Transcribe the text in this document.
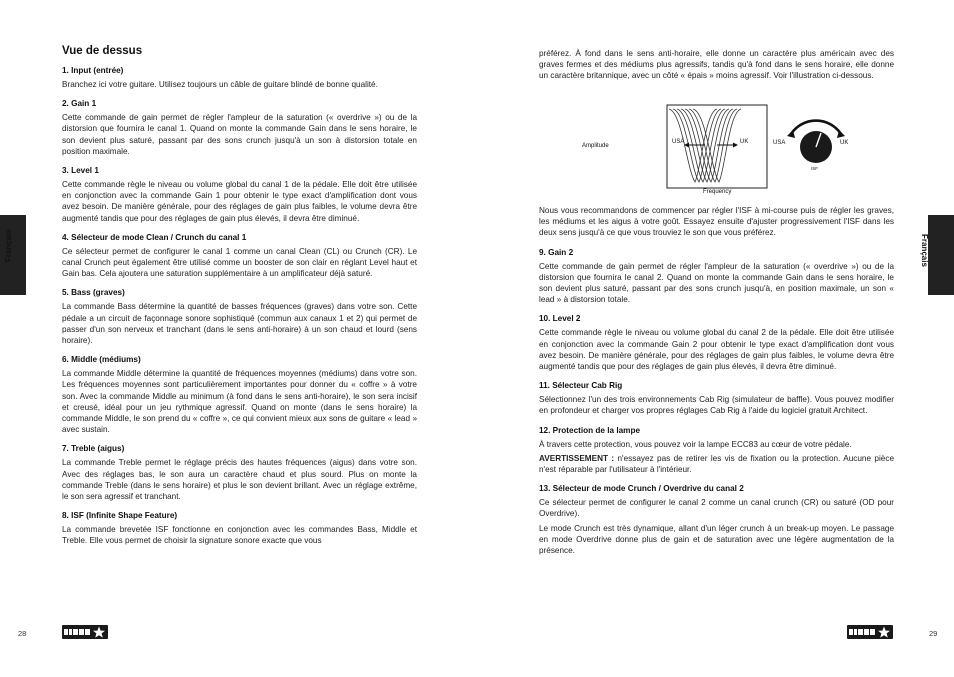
Français
Vue de dessus
1. Input (entrée)

Branchez ici votre guitare. Utilisez toujours un câble de guitare blindé de bonne qualité.

2. Gain 1

Cette commande de gain permet de régler l'ampleur de la saturation (« overdrive ») ou de la distorsion que fournira le canal 1. Quand on monte la commande Gain dans le sens horaire, le son devient plus saturé, passant par des sons crunch jusqu'à un son à distorsion totale en position maximale.

3. Level 1

Cette commande règle le niveau ou volume global du canal 1 de la pédale. Elle doit être utilisée en conjonction avec la commande Gain 1 pour obtenir le type exact d'amplification dont vous avez besoin. De manière générale, pour des réglages de gain plus faibles, le volume devra être augmenté tandis que pour des réglages de gain plus élevés, il devra être diminué.

4. Sélecteur de mode Clean / Crunch du canal 1

Ce sélecteur permet de configurer le canal 1 comme un canal Clean (CL) ou Crunch (CR). Le canal Crunch peut également être utilisé comme un booster de son clair en réglant Level haut et Gain bas. Cela ajoutera une saturation supplémentaire à un amplificateur déjà saturé.

5. Bass (graves)

La commande Bass détermine la quantité de basses fréquences (graves) dans votre son. Cette pédale a un circuit de façonnage sonore sophistiqué (commun aux canaux 1 et 2) qui permet de passer d'un son nerveux et tranchant (dans le sens anti-horaire) à un son chaud et lourd (sens horaire).

6. Middle (médiums)

La commande Middle détermine la quantité de fréquences moyennes (médiums) dans votre son. Les fréquences moyennes sont particulièrement importantes pour donner du « coffre » à votre son. Avec la commande Middle au minimum (à fond dans le sens anti-horaire), le son sera incisif et creusé, idéal pour un jeu rythmique agressif. Quand on monte (dans le sens horaire) la commande Middle, le son prend du « coffre », ce qui convient mieux aux sons de guitare « lead » avec sustain.

7. Treble (aigus)

La commande Treble permet le réglage précis des hautes fréquences (aigus) dans votre son. Avec des réglages bas, le son aura un caractère chaud et plus sourd. Plus on monte la commande Treble (dans le sens horaire) et plus le son devient brillant. Avec un réglage extrême, le son sera agressif et tranchant.

8. ISF (Infinite Shape Feature)

La commande brevetée ISF fonctionne en conjonction avec les commandes Bass, Middle et Treble. Elle vous permet de choisir la signature sonore exacte que vous

28

préférez. À fond dans le sens anti-horaire, elle donne un caractère plus américain avec des graves fermes et des médiums plus agressifs, tandis qu'à fond dans le sens horaire, elle donne un caractère britannique, avec un côté « épais » moins agressif. Voir l'illustration ci-dessous.

USA	UK
Amplitude
Frequency
USA	UK
ISF

Nous vous recommandons de commencer par régler l'ISF à mi-course puis de régler les graves, les médiums et les aigus à votre goût. Essayez ensuite d'ajuster progressivement l'ISF dans les deux sens jusqu'à ce que vous trouviez le son que vous préférez.

9. Gain 2

Cette commande de gain permet de régler l'ampleur de la saturation (« overdrive ») ou de la distorsion que fournira le canal 2. Quand on monte la commande Gain dans le sens horaire, le son devient plus saturé, passant par des sons crunch jusqu'à, en position maximale, un son « lead » à distorsion totale.

10. Level 2

Cette commande règle le niveau ou volume global du canal 2 de la pédale. Elle doit être utilisée en conjonction avec la commande Gain 2 pour obtenir le type exact d'amplification dont vous avez besoin. De manière générale, pour des réglages de gain plus faibles, le volume devra être augmenté tandis que pour des réglages de gain plus élevés, il devra être diminué.

11. Sélecteur Cab Rig

Sélectionnez l'un des trois environnements Cab Rig (simulateur de baffle). Vous pouvez modifier en profondeur et charger vos propres réglages Cab Rig à l'aide du logiciel gratuit Architect.

12. Protection de la lampe

À travers cette protection, vous pouvez voir la lampe ECC83 au cœur de votre pédale.

AVERTISSEMENT : n'essayez pas de retirer les vis de fixation ou la protection. Aucune pièce n'est réparable par l'utilisateur à l'intérieur.

13. Sélecteur de mode Crunch / Overdrive du canal 2

Ce sélecteur permet de configurer le canal 2 comme un canal crunch (CR) ou saturé (OD pour Overdrive).

Le mode Crunch est très dynamique, allant d'un léger crunch à un break-up moyen. Le passage en mode Overdrive donne plus de gain et de saturation avec une légère augmentation de la présence.

29
Français
